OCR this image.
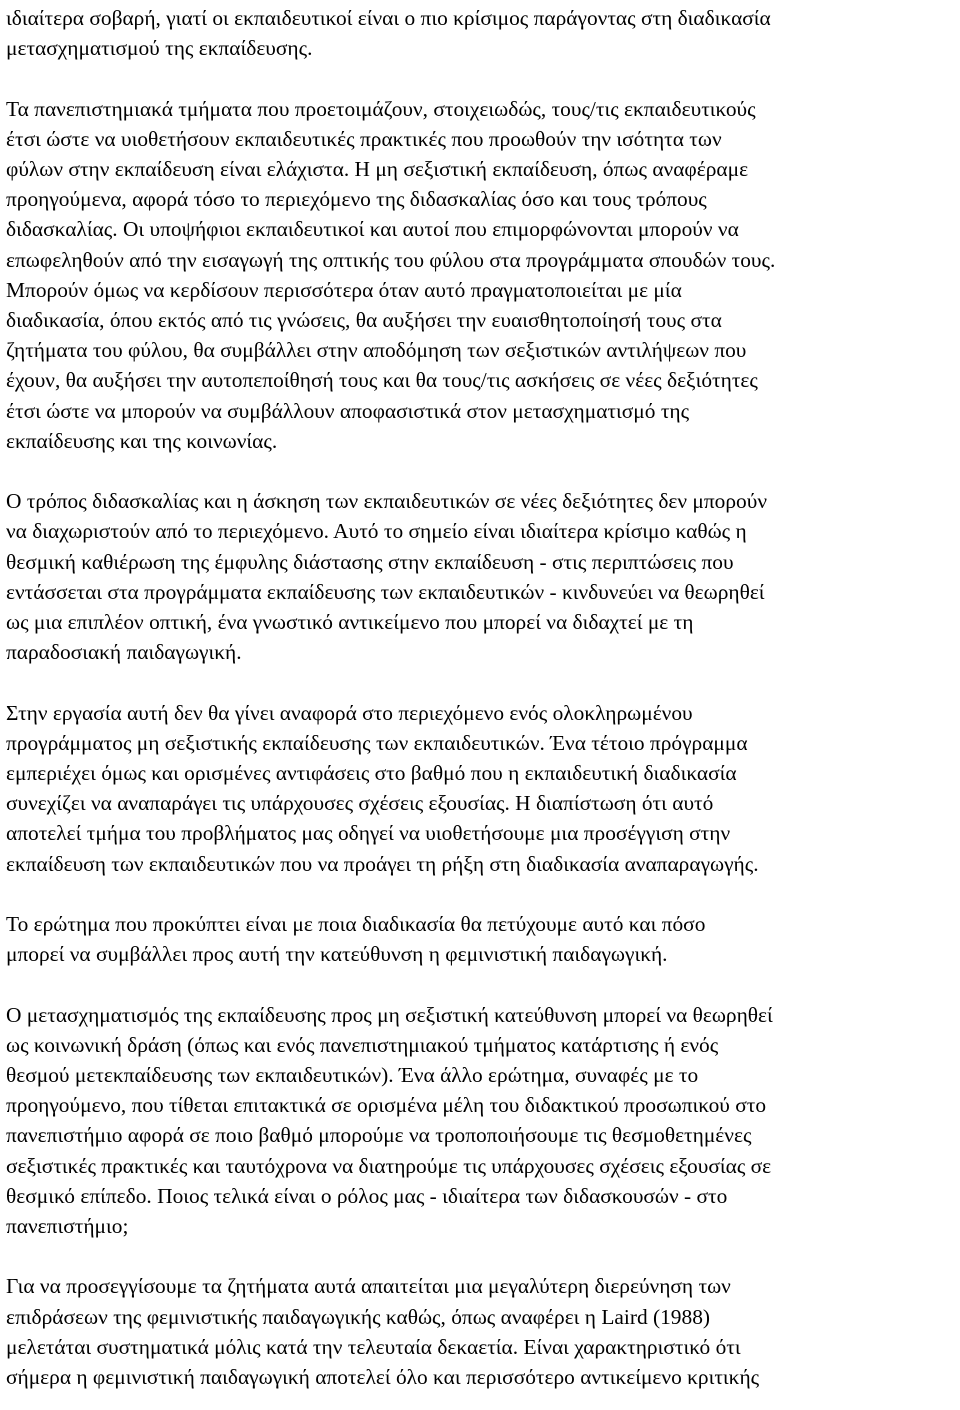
ιδιαίτερα σοβαρή, γιατί οι εκπαιδευτικοί είναι ο πιο κρίσιμος παράγοντας στη διαδικασία
μετασχηματισμού της εκπαίδευσης.
Τα πανεπιστημιακά τμήματα που προετοιμάζουν, στοιχειωδώς, τους/τις εκπαιδευτικούς
έτσι ώστε να υιοθετήσουν εκπαιδευτικές πρακτικές που προωθούν την ισότητα των
φύλων στην εκπαίδευση είναι ελάχιστα. Η μη σεξιστική εκπαίδευση, όπως αναφέραμε
προηγούμενα, αφορά τόσο το περιεχόμενο της διδασκαλίας όσο και τους τρόπους
διδασκαλίας. Οι υποψήφιοι εκπαιδευτικοί και αυτοί που επιμορφώνονται μπορούν να
επωφεληθούν από την εισαγωγή της οπτικής του φύλου στα προγράμματα σπουδών τους.
Μπορούν όμως να κερδίσουν περισσότερα όταν αυτό πραγματοποιείται με μία
διαδικασία, όπου εκτός από τις γνώσεις, θα αυξήσει την ευαισθητοποίησή τους στα
ζητήματα του φύλου, θα συμβάλλει στην αποδόμηση των σεξιστικών αντιλήψεων που
έχουν, θα αυξήσει την αυτοπεποίθησή τους και θα τους/τις ασκήσεις σε νέες δεξιότητες
έτσι ώστε να μπορούν να συμβάλλουν αποφασιστικά στον μετασχηματισμό της
εκπαίδευσης και της κοινωνίας.
Ο τρόπος διδασκαλίας και η άσκηση των εκπαιδευτικών σε νέες δεξιότητες δεν μπορούν
να διαχωριστούν από το περιεχόμενο. Αυτό το σημείο είναι ιδιαίτερα κρίσιμο καθώς η
θεσμική καθιέρωση της έμφυλης διάστασης στην εκπαίδευση - στις περιπτώσεις που
εντάσσεται στα προγράμματα εκπαίδευσης των εκπαιδευτικών - κινδυνεύει να θεωρηθεί
ως μια επιπλέον οπτική, ένα γνωστικό αντικείμενο που μπορεί να διδαχτεί με τη
παραδοσιακή παιδαγωγική.
Στην εργασία αυτή δεν θα γίνει αναφορά στο περιεχόμενο ενός ολοκληρωμένου
προγράμματος μη σεξιστικής εκπαίδευσης των εκπαιδευτικών. Ένα τέτοιο πρόγραμμα
εμπεριέχει όμως και ορισμένες αντιφάσεις στο βαθμό που η εκπαιδευτική διαδικασία
συνεχίζει να αναπαράγει τις υπάρχουσες σχέσεις εξουσίας. Η διαπίστωση ότι αυτό
αποτελεί τμήμα του προβλήματος μας οδηγεί να υιοθετήσουμε μια προσέγγιση στην
εκπαίδευση των εκπαιδευτικών που να προάγει τη ρήξη στη διαδικασία αναπαραγωγής.
Το ερώτημα που προκύπτει είναι με ποια διαδικασία θα πετύχουμε αυτό και πόσο
μπορεί να συμβάλλει προς αυτή την κατεύθυνση η φεμινιστική παιδαγωγική.
Ο μετασχηματισμός της εκπαίδευσης προς μη σεξιστική κατεύθυνση μπορεί να θεωρηθεί
ως κοινωνική δράση (όπως και ενός πανεπιστημιακού τμήματος κατάρτισης ή ενός
θεσμού μετεκπαίδευσης των εκπαιδευτικών). Ένα άλλο ερώτημα, συναφές με το
προηγούμενο, που τίθεται επιτακτικά σε ορισμένα μέλη του διδακτικού προσωπικού στο
πανεπιστήμιο αφορά σε ποιο βαθμό μπορούμε να τροποποιήσουμε τις θεσμοθετημένες
σεξιστικές πρακτικές και ταυτόχρονα να διατηρούμε τις υπάρχουσες σχέσεις εξουσίας σε
θεσμικό επίπεδο. Ποιος τελικά είναι ο ρόλος μας - ιδιαίτερα των διδασκουσών - στο
πανεπιστήμιο;
Για να προσεγγίσουμε τα ζητήματα αυτά απαιτείται μια μεγαλύτερη διερεύνηση των
επιδράσεων της φεμινιστικής παιδαγωγικής καθώς, όπως αναφέρει η Laird (1988)
μελετάται συστηματικά μόλις κατά την τελευταία δεκαετία. Είναι χαρακτηριστικό ότι
σήμερα η φεμινιστική παιδαγωγική αποτελεί όλο και περισσότερο αντικείμενο κριτικής
